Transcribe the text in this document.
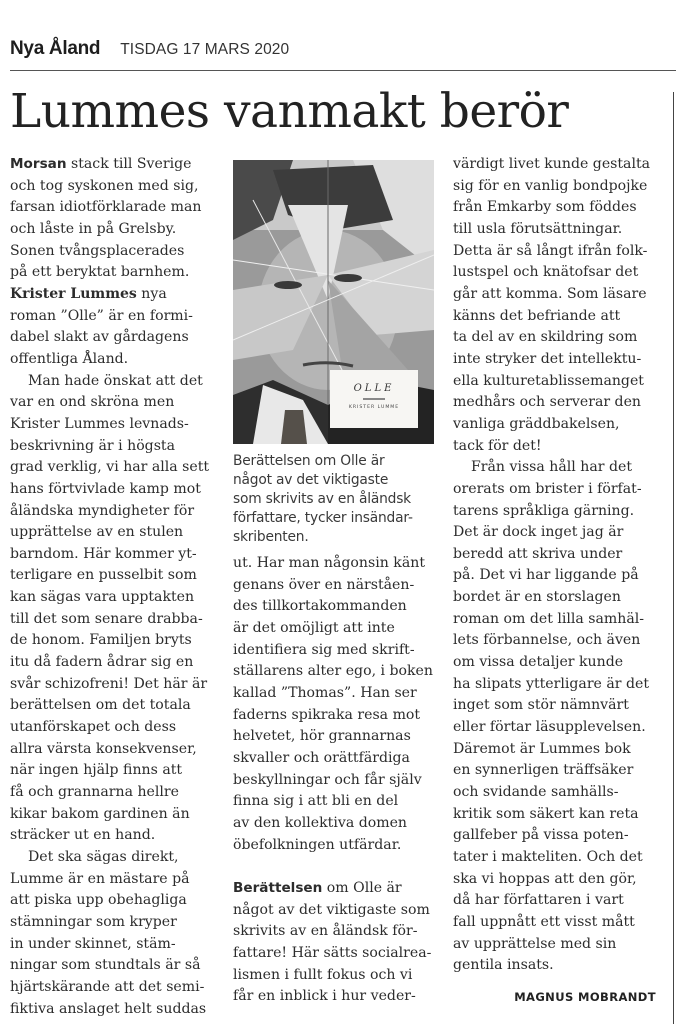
Nya Åland TISDAG 17 MARS 2020
Lummes vanmakt berör

Morsan stack till Sverige
och tog syskonen med sig,
farsan idiotförklarade man
och låste in på Grelsby.
Sonen tvångsplacerades
på ett beryktat barnhem.
Krister Lummes nya
roman ”Olle” är en formi-
dabel slakt av gårdagens
offentliga Åland.

Man hade önskat att det
var en ond skröna men
Krister Lummes levnads-
beskrivning är i högsta
grad verklig, vi har alla sett
hans förtvivlade kamp mot
åländska myndigheter för
upprättelse av en stulen
barndom. Här kommer yt-
terligare en pusselbit som
kan sägas vara upptakten
till det som senare drabba-
de honom. Familjen bryts
itu då fadern ådrar sig en
svår schizofreni! Det här är
berättelsen om det totala
utanförskapet och dess
allra värsta konsekvenser,
när ingen hjälp finns att
få och grannarna hellre
kikar bakom gardinen än
sträcker ut en hand.

Det ska sägas direkt,
Lumme är en mästare på
att piska upp obehagliga
stämningar som kryper
in under skinnet, stäm-
ningar som stundtals är så
hjärtskärande att det semi-
fiktiva anslaget helt suddas

OLLE
KRISTER LUMME
Berättelsen om Olle är
något av det viktigaste
som skrivits av en åländsk
författare, tycker insändar-
skribenten.
ut. Har man någonsin känt
genans över en närståen-
des tillkortakommanden
är det omöjligt att inte
identifiera sig med skrift-
ställarens alter ego, i boken
kallad ”Thomas”. Han ser
faderns spikraka resa mot
helvetet, hör grannarnas
skvaller och orättfärdiga
beskyllningar och får själv
finna sig i att bli en del
av den kollektiva domen
öbefolkningen utfärdar.

Berättelsen om Olle är
något av det viktigaste som
skrivits av en åländsk för-
fattare! Här sätts socialrea-
lismen i fullt fokus och vi
får en inblick i hur veder-

värdigt livet kunde gestalta
sig för en vanlig bondpojke
från Emkarby som föddes
till usla förutsättningar.
Detta är så långt ifrån folk-
lustspel och knätofsar det
går att komma. Som läsare
känns det befriande att
ta del av en skildring som
inte stryker det intellektu-
ella kulturetablissemanget
medhårs och serverar den
vanliga gräddbakelsen,
tack för det!

Från vissa håll har det
orerats om brister i förfat-
tarens språkliga gärning.
Det är dock inget jag är
beredd att skriva under
på. Det vi har liggande på
bordet är en storslagen
roman om det lilla samhäl-
lets förbannelse, och även
om vissa detaljer kunde
ha slipats ytterligare är det
inget som stör nämnvärt
eller förtar läsupplevelsen.
Däremot är Lummes bok
en synnerligen träffsäker
och svidande samhälls-
kritik som säkert kan reta
gallfeber på vissa poten-
tater i makteliten. Och det
ska vi hoppas att den gör,
då har författaren i vart
fall uppnått ett visst mått
av upprättelse med sin
gentila insats.

MAGNUS MOBRANDT
